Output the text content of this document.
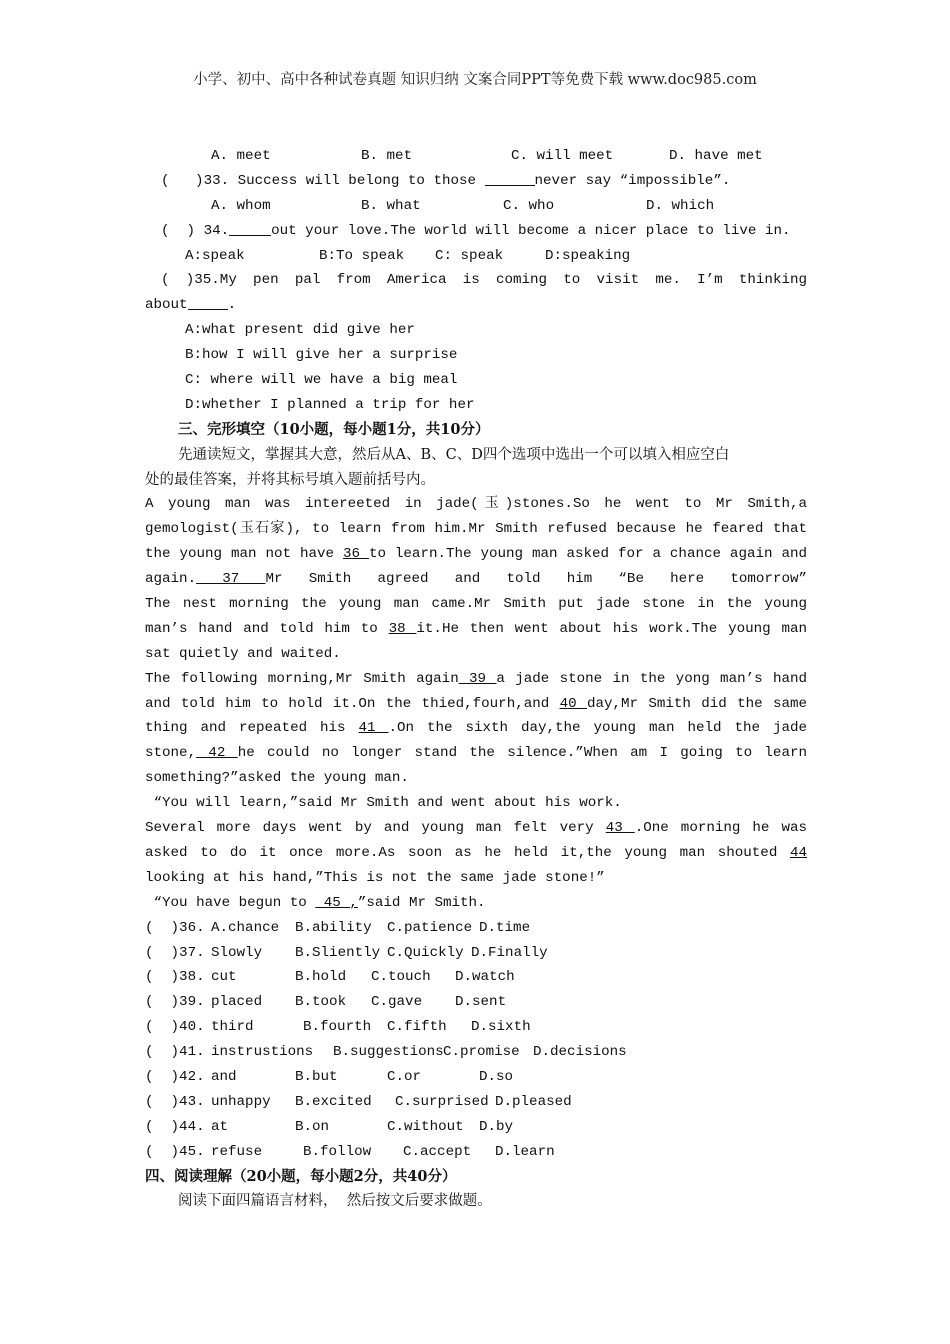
小学、初中、高中各种试卷真题 知识归纳 文案合同PPT等免费下载 www.doc985.com
A. meet	B. met	C. will meet	D. have met
(   )33. Success will belong to those	never say “impossible”.
A. whom	B. what	C. who	D. which
(  ) 34.	out your love.The world will become a nicer place to live in.
A:speak	B:To speak C: speak	D:speaking
( )35.My pen pal from America is coming to visit me. I’m thinking
about	.
A:what present did give her
B:how I will give her a surprise
C: where will we have a big meal
D:whether I planned a trip for her
三、完形填空（10小题，每小题1分，共10分）
先通读短文，掌握其大意，然后从A、B、C、D四个选项中选出一个可以填入相应空白
处的最佳答案，并将其标号填入题前括号内。
A young man was intereeted in jade(玉)stones.So he went to Mr Smith,a
gemologist(玉石家), to learn from him.Mr Smith refused because he feared that
the young man not have 36 to learn.The young man asked for a chance again and
again. 37 Mr Smith agreed and told him “Be here tomorrow”
The nest morning the young man came.Mr Smith put jade stone in the young
man’s hand and told him to 38 it.He then went about his work.The young man
sat quietly and waited.
The following morning,Mr Smith again 39 a jade stone in the yong man’s hand
and told him to hold it.On the thied,fourh,and 40 day,Mr Smith did the same
thing and repeated his 41 .On the sixth day,the young man held the jade
stone, 42 he could no longer stand the silence.”When am I going to learn
something?”asked the young man.
“You will learn,”said Mr Smith and went about his work.
Several more days went by and young man felt very 43 .One morning he was
asked to do it once more.As soon as he held it,the young man shouted 44
looking at his hand,”This is not the same jade stone!”
“You have begun to  45 ,”said Mr Smith.
(  )36. A.chance B.ability C.patience D.time
(  )37. Slowly B.Sliently C.Quickly D.Finally
(  )38. cut	B.hold C.touch D.watch
(  )39. placed B.took C.gave D.sent
(  )40. third	B.fourth C.fifth D.sixth
(  )41. instrustions B.suggestionsC.promise D.decisions
(  )42. and	B.but	C.or	D.so
(  )43. unhappy B.excited C.surprised D.pleased
(  )44. at	B.on	C.without D.by
(  )45. refuse	B.follow C.accept D.learn
四、阅读理解（20小题，每小题2分，共40分）
阅读下面四篇语言材料，  然后按文后要求做题。
